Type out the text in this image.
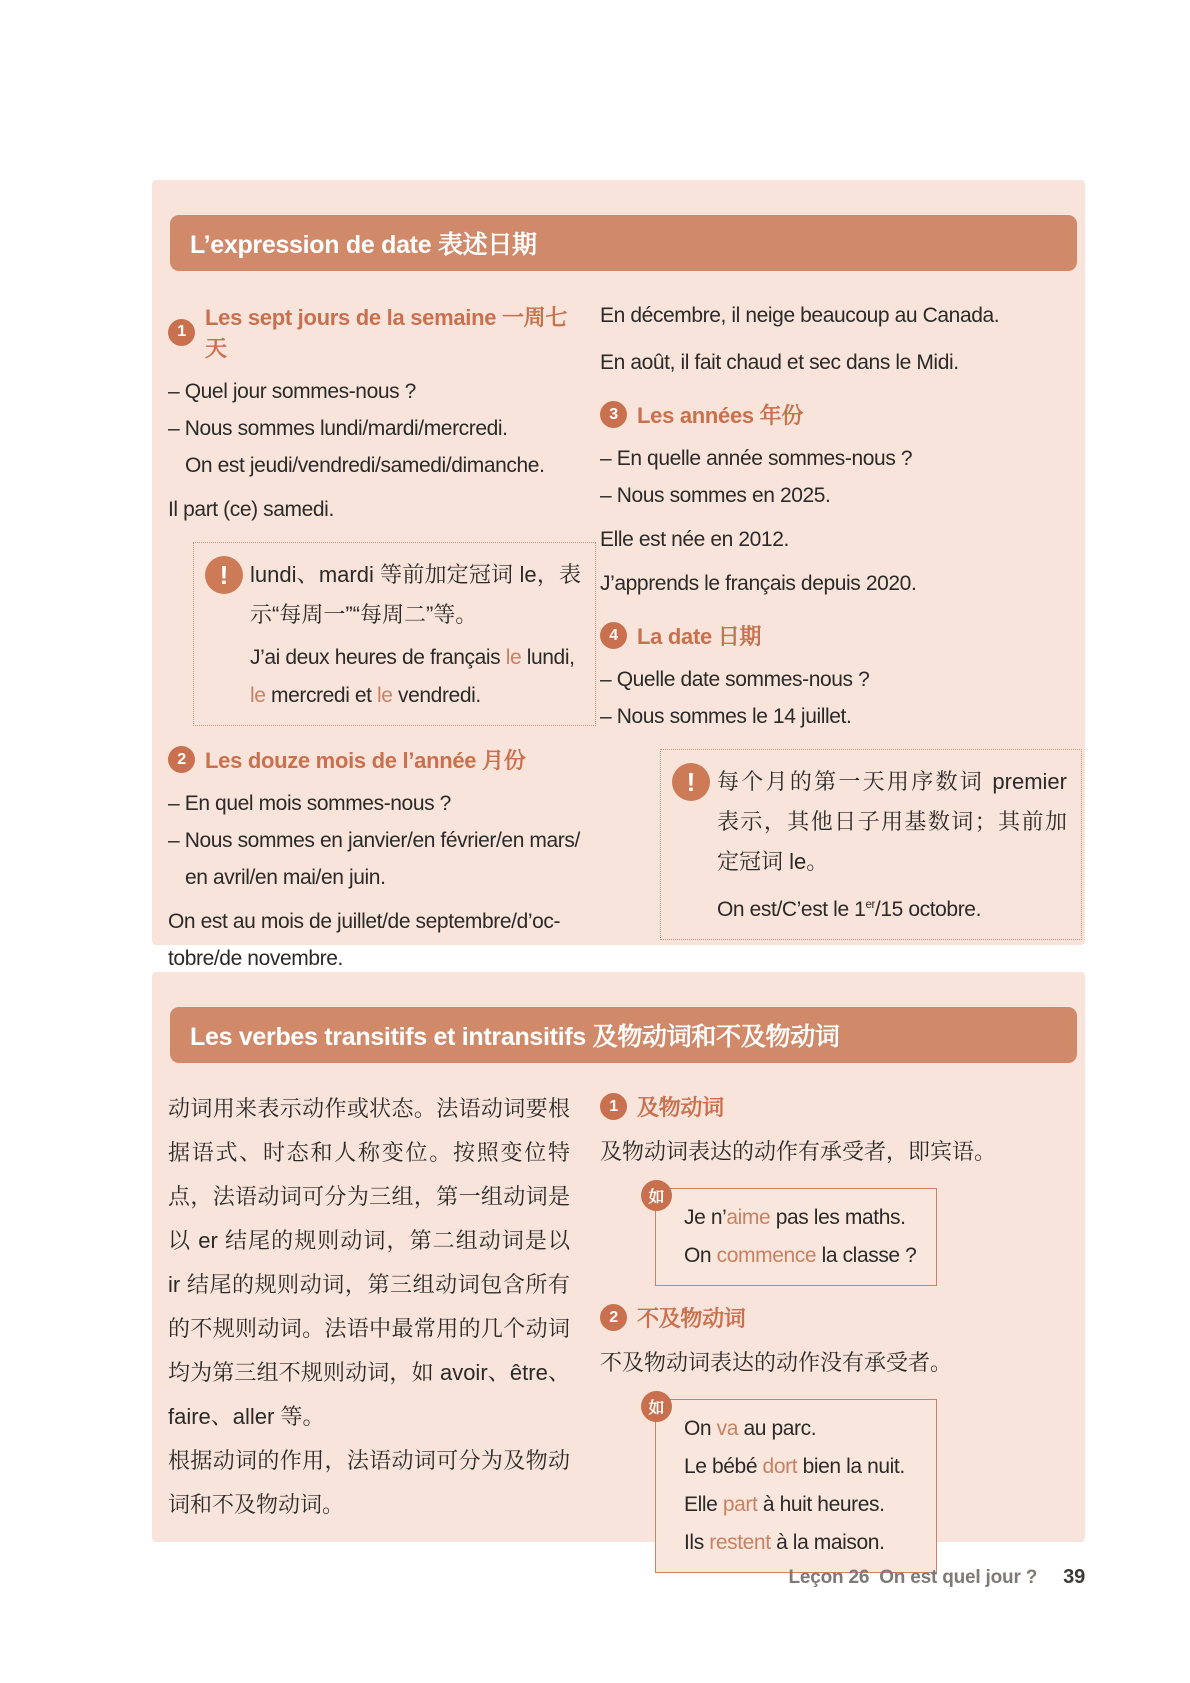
L’expression de date 表述日期
1
Les sept jours de la semaine 一周七天

– Quel jour sommes-nous ?

– Nous sommes lundi/mardi/mercredi.

On est jeudi/vendredi/samedi/dimanche.

Il part (ce) samedi.

! lundi、mardi 等前加定冠词 le，表示“每周一”“每周二”等。

J’ai deux heures de français le lundi, le mercredi et le vendredi.

2 Les douze mois de l’année 月份

– En quel mois sommes-nous ?

– Nous sommes en janvier/en février/en mars/

en avril/en mai/en juin.

On est au mois de juillet/de septembre/d’oc-

tobre/de novembre.

En décembre, il neige beaucoup au Canada.

En août, il fait chaud et sec dans le Midi.

3 Les années 年份

– En quelle année sommes-nous ?

– Nous sommes en 2025.

Elle est née en 2012.

J’apprends le français depuis 2020.

4 La date 日期

– Quelle date sommes-nous ?

– Nous sommes le 14 juillet.

! 每个月的第一天用序数词 premier 表示，其他日子用基数词；其前加定冠词 le。

On est/C’est le 1er/15 octobre.

Les verbes transitifs et intransitifs 及物动词和不及物动词

动词用来表示动作或状态。法语动词要根据语式、时态和人称变位。按照变位特点，法语动词可分为三组，第一组动词是以 er 结尾的规则动词，第二组动词是以 ir 结尾的规则动词，第三组动词包含所有的不规则动词。法语中最常用的几个动词均为第三组不规则动词，如 avoir、être、faire、aller 等。

根据动词的作用，法语动词可分为及物动词和不及物动词。

1 及物动词

及物动词表达的动作有承受者，即宾语。

如

Je n’aime pas les maths.

On commence la classe ?

2 不及物动词

不及物动词表达的动作没有承受者。

如

On va au parc.

Le bébé dort bien la nuit.

Elle part à huit heures.

Ils restent à la maison.

Leçon 26 On est quel jour ? 39
